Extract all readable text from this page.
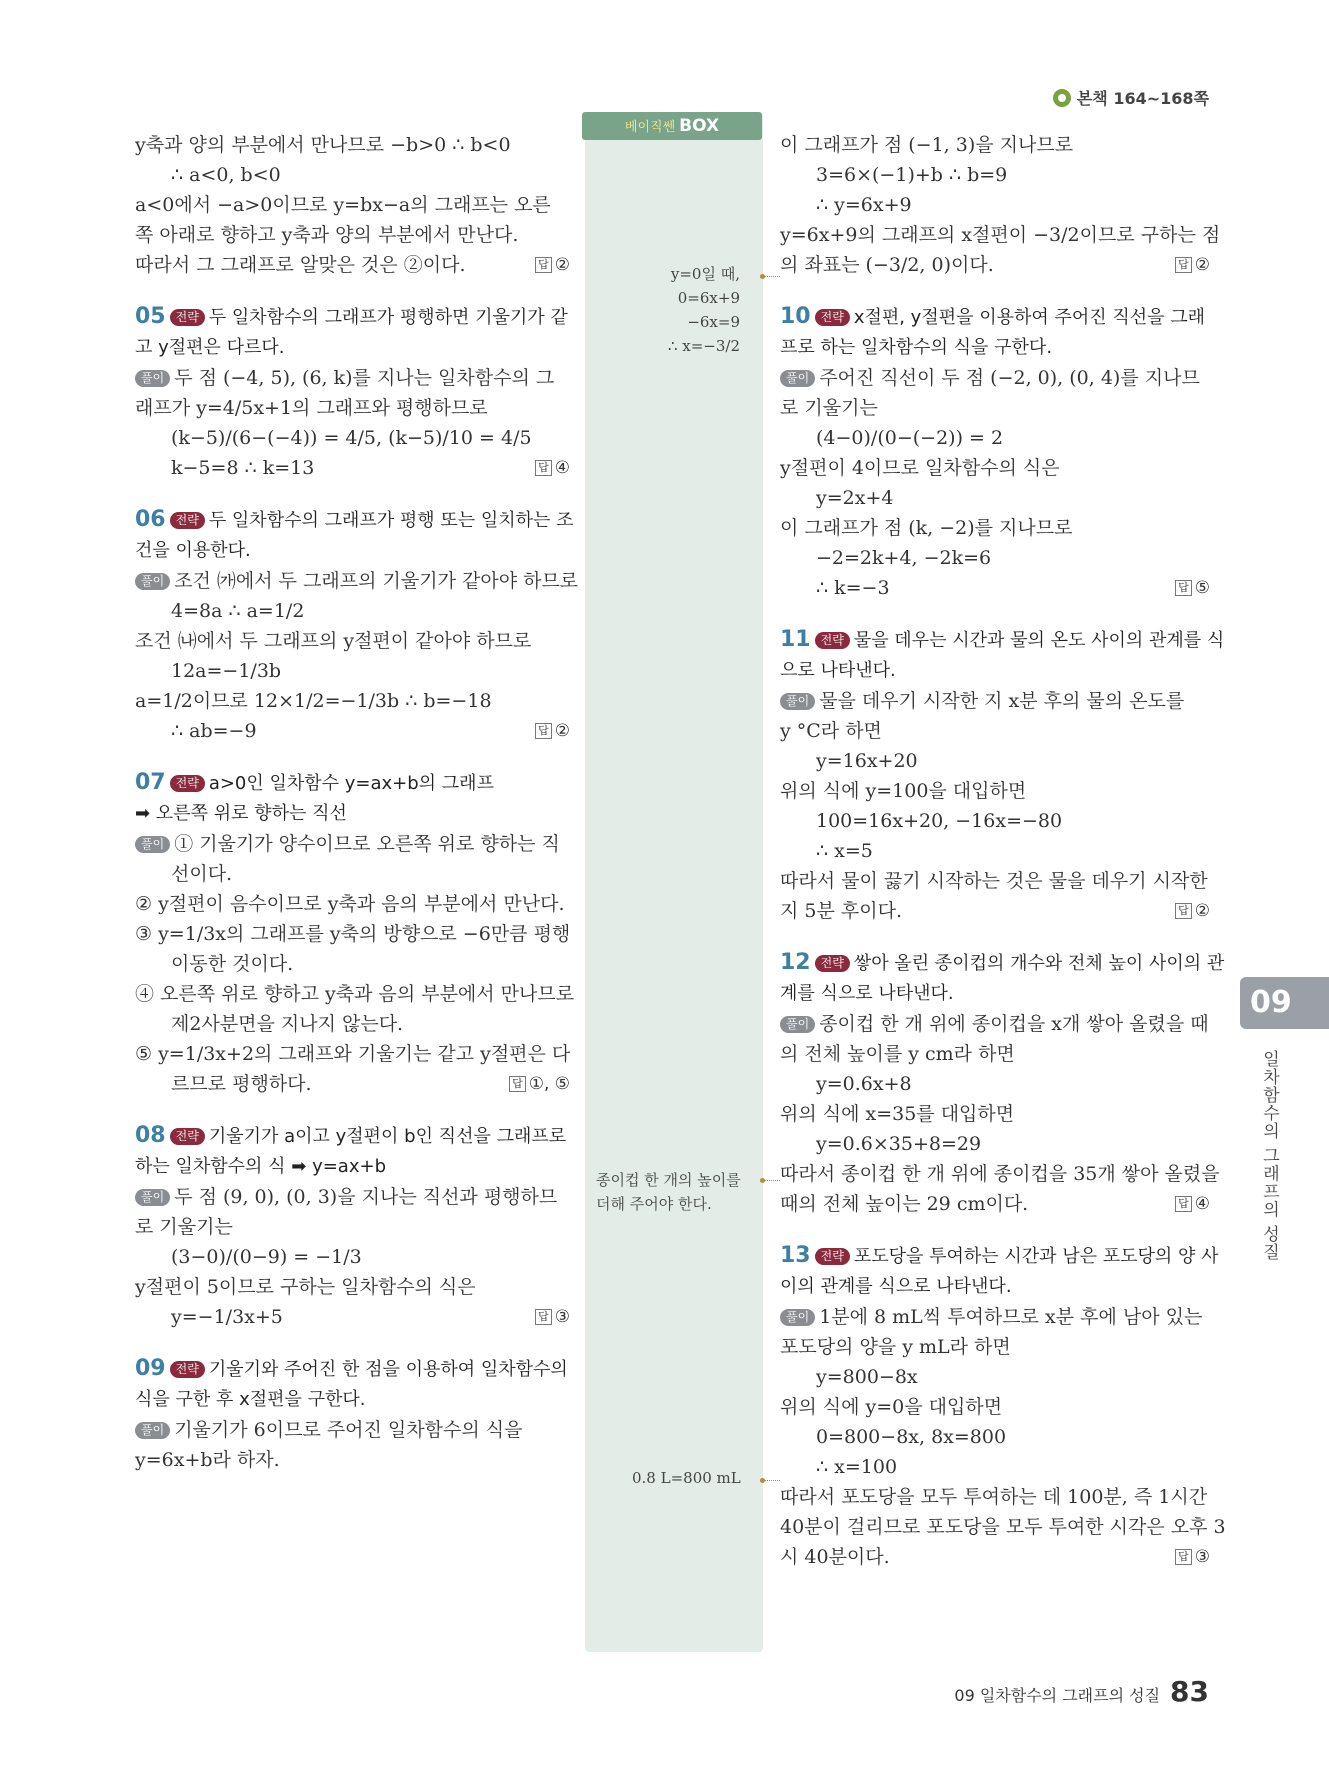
본책 164~168쪽
y축과 양의 부분에서 만나므로 −b>0 ∴ b<0
∴ a<0, b<0
a<0에서 −a>0이므로 y=bx−a의 그래프는 오른
쪽 아래로 향하고 y축과 양의 부분에서 만난다.
답 ②
따라서 그 그래프로 알맞은 것은 ②이다.
05 전략 두 일차함수의 그래프가 평행하면 기울기가 같
고 y절편은 다르다.
풀이 두 점 (−4, 5), (6, k)를 지나는 일차함수의 그
래프가 y=4/5x+1의 그래프와 평행하므로
(k−5)/(6−(−4)) = 4/5, (k−5)/10 = 4/5
답 ④
k−5=8 ∴ k=13
06 전략 두 일차함수의 그래프가 평행 또는 일치하는 조
건을 이용한다.
풀이 조건 ㈎에서 두 그래프의 기울기가 같아야 하므로
4=8a ∴ a=1/2
조건 ㈏에서 두 그래프의 y절편이 같아야 하므로
12a=−1/3b
a=1/2이므로 12×1/2=−1/3b ∴ b=−18
답 ②
∴ ab=−9
07 전략 a>0인 일차함수 y=ax+b의 그래프
➡ 오른쪽 위로 향하는 직선
풀이 ① 기울기가 양수이므로 오른쪽 위로 향하는 직
선이다.
② y절편이 음수이므로 y축과 음의 부분에서 만난다.
③ y=1/3x의 그래프를 y축의 방향으로 −6만큼 평행
이동한 것이다.
④ 오른쪽 위로 향하고 y축과 음의 부분에서 만나므로
제2사분면을 지나지 않는다.
⑤ y=1/3x+2의 그래프와 기울기는 같고 y절편은 다
답 ①, ⑤
르므로 평행하다.
08 전략 기울기가 a이고 y절편이 b인 직선을 그래프로
하는 일차함수의 식 ➡ y=ax+b
풀이 두 점 (9, 0), (0, 3)을 지나는 직선과 평행하므
로 기울기는
(3−0)/(0−9) = −1/3
y절편이 5이므로 구하는 일차함수의 식은
답 ③
y=−1/3x+5
09 전략 기울기와 주어진 한 점을 이용하여 일차함수의
식을 구한 후 x절편을 구한다.
풀이 기울기가 6이므로 주어진 일차함수의 식을
y=6x+b라 하자.
베이직쎈 BOX
y=0일 때,
0=6x+9
−6x=9
∴ x=−3/2
종이컵 한 개의 높이를
더해 주어야 한다.
0.8 L=800 mL
이 그래프가 점 (−1, 3)을 지나므로
3=6×(−1)+b ∴ b=9
∴ y=6x+9
y=6x+9의 그래프의 x절편이 −3/2이므로 구하는 점
답 ②
의 좌표는 (−3/2, 0)이다.
10 전략 x절편, y절편을 이용하여 주어진 직선을 그래
프로 하는 일차함수의 식을 구한다.
풀이 주어진 직선이 두 점 (−2, 0), (0, 4)를 지나므
로 기울기는
(4−0)/(0−(−2)) = 2
y절편이 4이므로 일차함수의 식은
y=2x+4
이 그래프가 점 (k, −2)를 지나므로
−2=2k+4, −2k=6
답 ⑤
∴ k=−3
11 전략 물을 데우는 시간과 물의 온도 사이의 관계를 식
으로 나타낸다.
풀이 물을 데우기 시작한 지 x분 후의 물의 온도를
y °C라 하면
y=16x+20
위의 식에 y=100을 대입하면
100=16x+20, −16x=−80
∴ x=5
따라서 물이 끓기 시작하는 것은 물을 데우기 시작한
답 ②
지 5분 후이다.
12 전략 쌓아 올린 종이컵의 개수와 전체 높이 사이의 관
계를 식으로 나타낸다.
풀이 종이컵 한 개 위에 종이컵을 x개 쌓아 올렸을 때
의 전체 높이를 y cm라 하면
y=0.6x+8
위의 식에 x=35를 대입하면
y=0.6×35+8=29
따라서 종이컵 한 개 위에 종이컵을 35개 쌓아 올렸을
답 ④
때의 전체 높이는 29 cm이다.
13 전략 포도당을 투여하는 시간과 남은 포도당의 양 사
이의 관계를 식으로 나타낸다.
풀이 1분에 8 mL씩 투여하므로 x분 후에 남아 있는
포도당의 양을 y mL라 하면
y=800−8x
위의 식에 y=0을 대입하면
0=800−8x, 8x=800
∴ x=100
따라서 포도당을 모두 투여하는 데 100분, 즉 1시간
40분이 걸리므로 포도당을 모두 투여한 시각은 오후 3
답 ③
시 40분이다.
09
일차함수의 그래프의 성질
09 일차함수의 그래프의 성질 83
